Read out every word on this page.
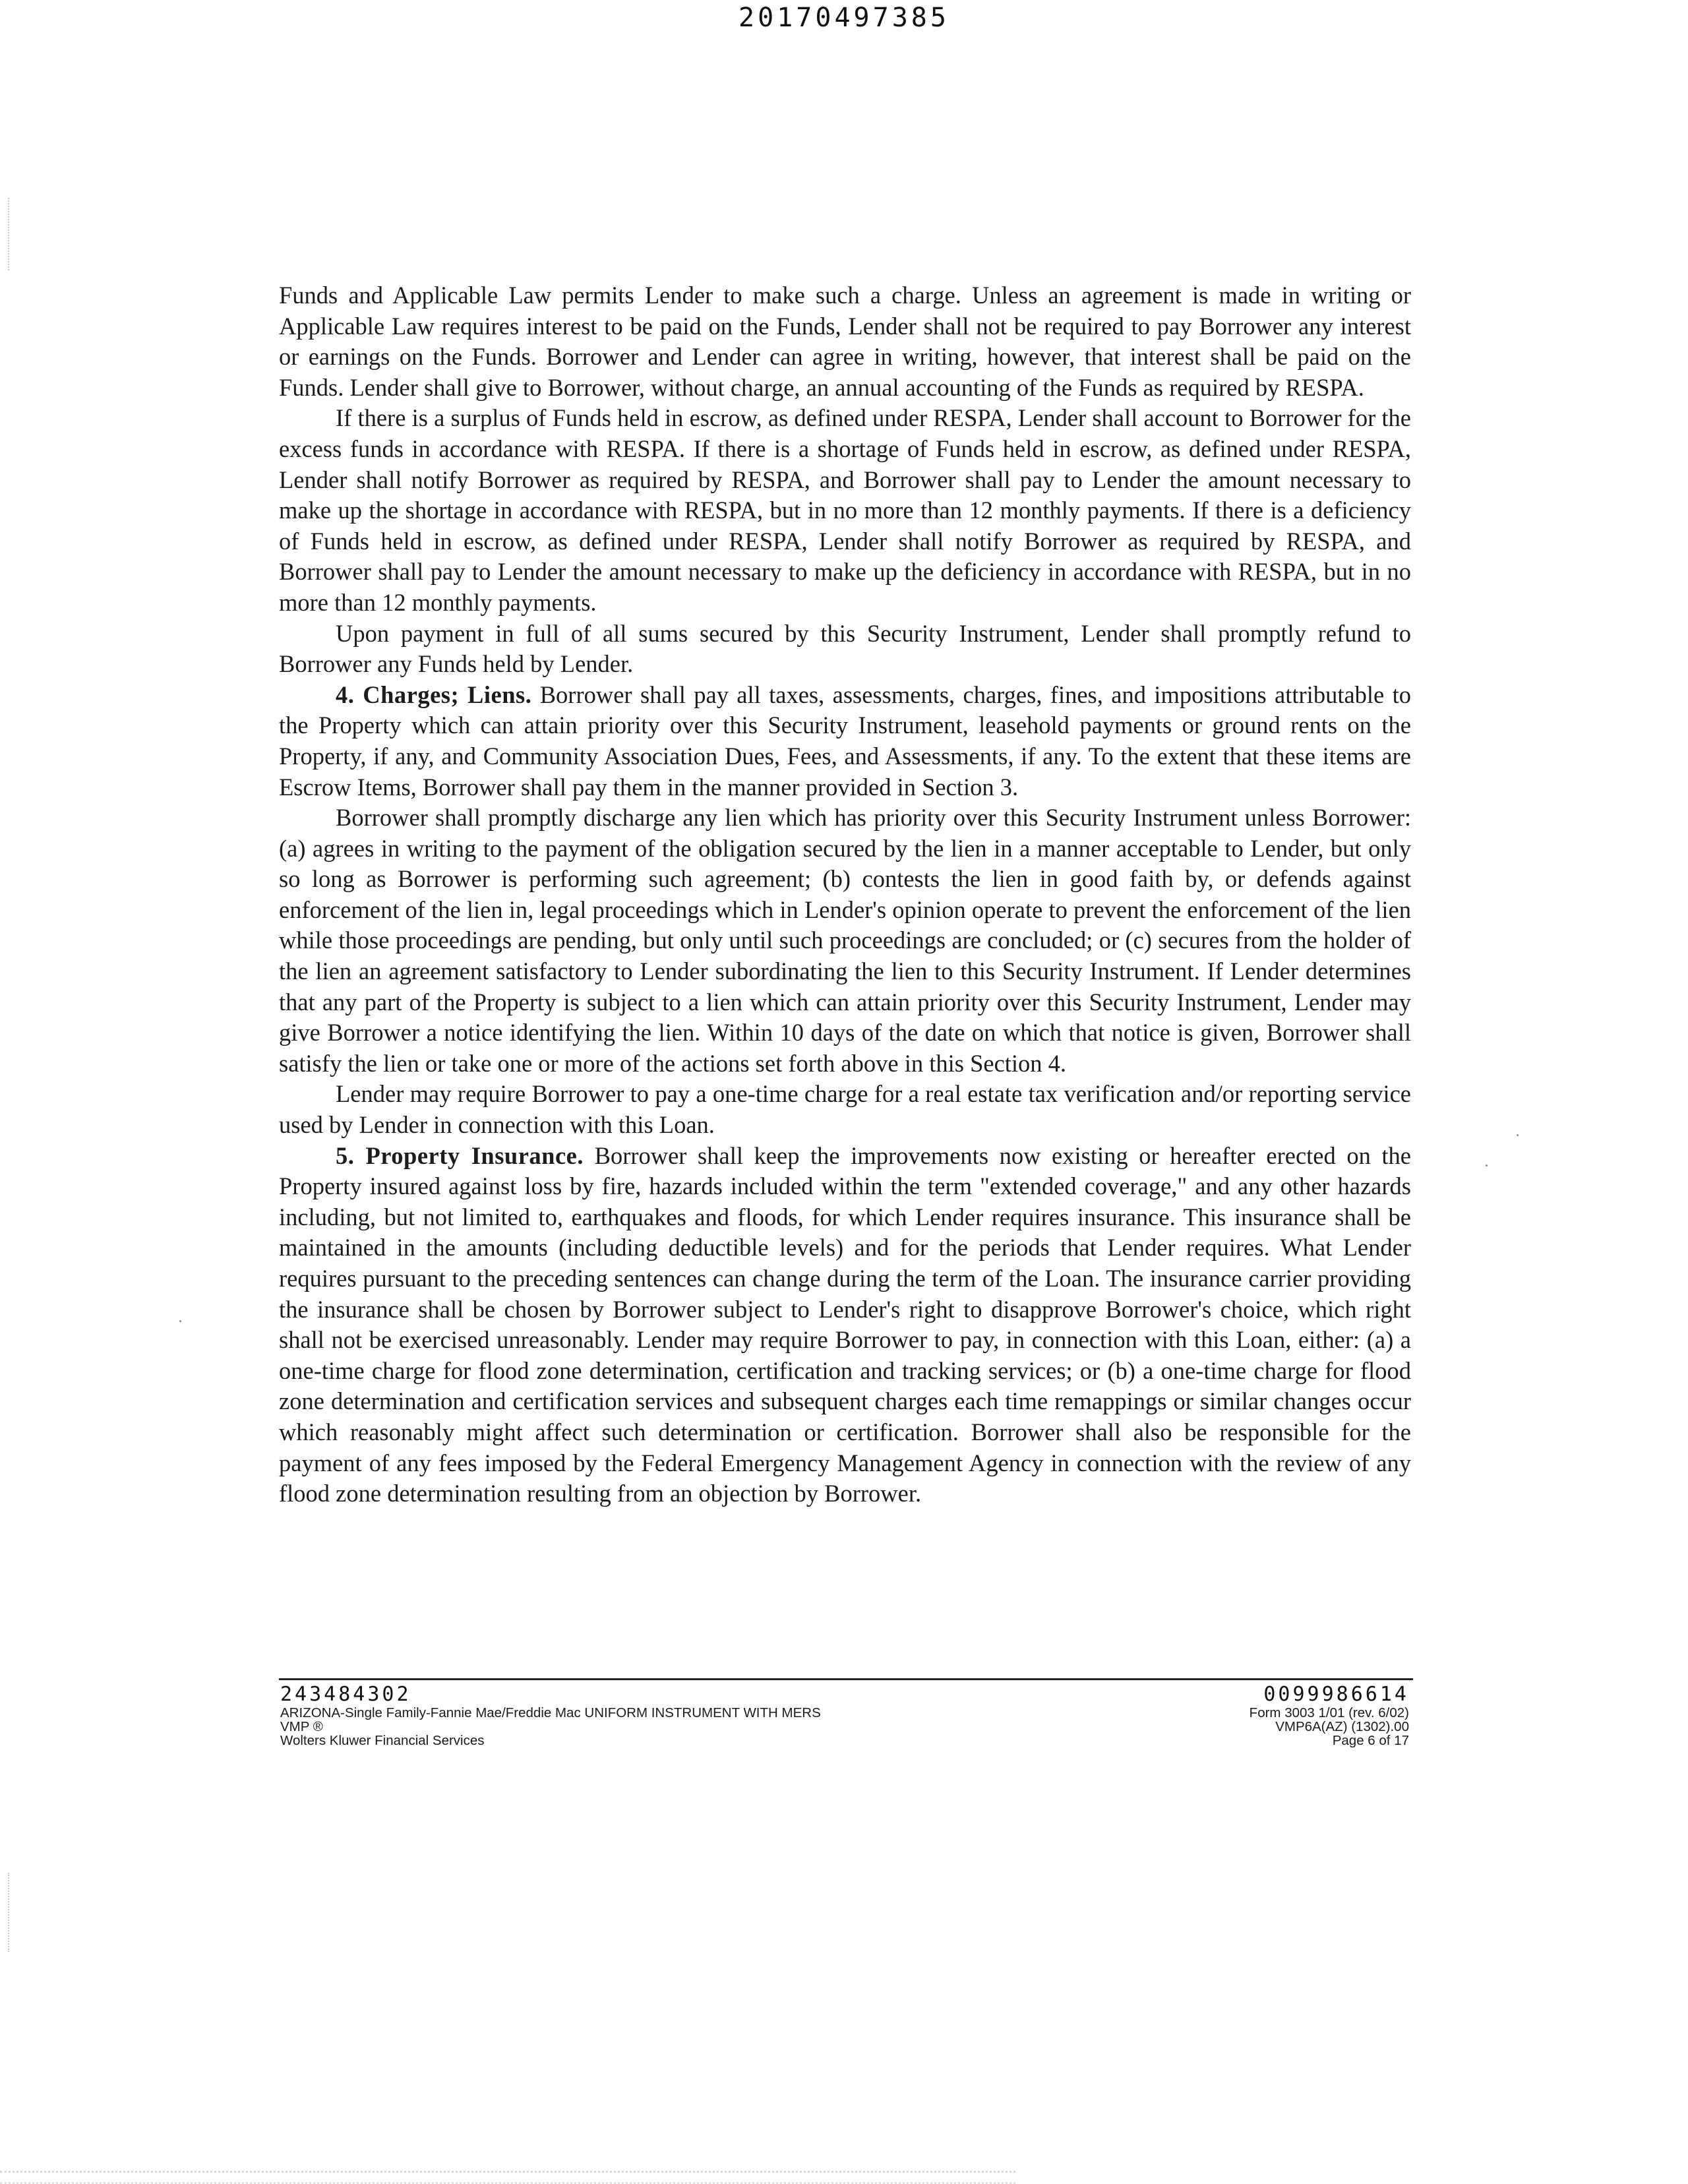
20170497385

Funds and Applicable Law permits Lender to make such a charge. Unless an agreement is made in writing or Applicable Law requires interest to be paid on the Funds, Lender shall not be required to pay Borrower any interest or earnings on the Funds. Borrower and Lender can agree in writing, however, that interest shall be paid on the Funds. Lender shall give to Borrower, without charge, an annual accounting of the Funds as required by RESPA.

If there is a surplus of Funds held in escrow, as defined under RESPA, Lender shall account to Borrower for the excess funds in accordance with RESPA. If there is a shortage of Funds held in escrow, as defined under RESPA, Lender shall notify Borrower as required by RESPA, and Borrower shall pay to Lender the amount necessary to make up the shortage in accordance with RESPA, but in no more than 12 monthly payments. If there is a deficiency of Funds held in escrow, as defined under RESPA, Lender shall notify Borrower as required by RESPA, and Borrower shall pay to Lender the amount necessary to make up the deficiency in accordance with RESPA, but in no more than 12 monthly payments.

Upon payment in full of all sums secured by this Security Instrument, Lender shall promptly refund to Borrower any Funds held by Lender.

4. Charges; Liens. Borrower shall pay all taxes, assessments, charges, fines, and impositions attributable to the Property which can attain priority over this Security Instrument, leasehold payments or ground rents on the Property, if any, and Community Association Dues, Fees, and Assessments, if any. To the extent that these items are Escrow Items, Borrower shall pay them in the manner provided in Section 3.

Borrower shall promptly discharge any lien which has priority over this Security Instrument unless Borrower: (a) agrees in writing to the payment of the obligation secured by the lien in a manner acceptable to Lender, but only so long as Borrower is performing such agreement; (b) contests the lien in good faith by, or defends against enforcement of the lien in, legal proceedings which in Lender's opinion operate to prevent the enforcement of the lien while those proceedings are pending, but only until such proceedings are concluded; or (c) secures from the holder of the lien an agreement satisfactory to Lender subordinating the lien to this Security Instrument. If Lender determines that any part of the Property is subject to a lien which can attain priority over this Security Instrument, Lender may give Borrower a notice identifying the lien. Within 10 days of the date on which that notice is given, Borrower shall satisfy the lien or take one or more of the actions set forth above in this Section 4.

Lender may require Borrower to pay a one-time charge for a real estate tax verification and/or reporting service used by Lender in connection with this Loan.

5. Property Insurance. Borrower shall keep the improvements now existing or hereafter erected on the Property insured against loss by fire, hazards included within the term "extended coverage," and any other hazards including, but not limited to, earthquakes and floods, for which Lender requires insurance. This insurance shall be maintained in the amounts (including deductible levels) and for the periods that Lender requires. What Lender requires pursuant to the preceding sentences can change during the term of the Loan. The insurance carrier providing the insurance shall be chosen by Borrower subject to Lender's right to disapprove Borrower's choice, which right shall not be exercised unreasonably. Lender may require Borrower to pay, in connection with this Loan, either: (a) a one-time charge for flood zone determination, certification and tracking services; or (b) a one-time charge for flood zone determination and certification services and subsequent charges each time remappings or similar changes occur which reasonably might affect such determination or certification. Borrower shall also be responsible for the payment of any fees imposed by the Federal Emergency Management Agency in connection with the review of any flood zone determination resulting from an objection by Borrower.

243484302
ARIZONA-Single Family-Fannie Mae/Freddie Mac UNIFORM INSTRUMENT WITH MERS
VMP ®
Wolters Kluwer Financial Services
0099986614
Form 3003 1/01 (rev. 6/02)
VMP6A(AZ) (1302).00
Page 6 of 17
